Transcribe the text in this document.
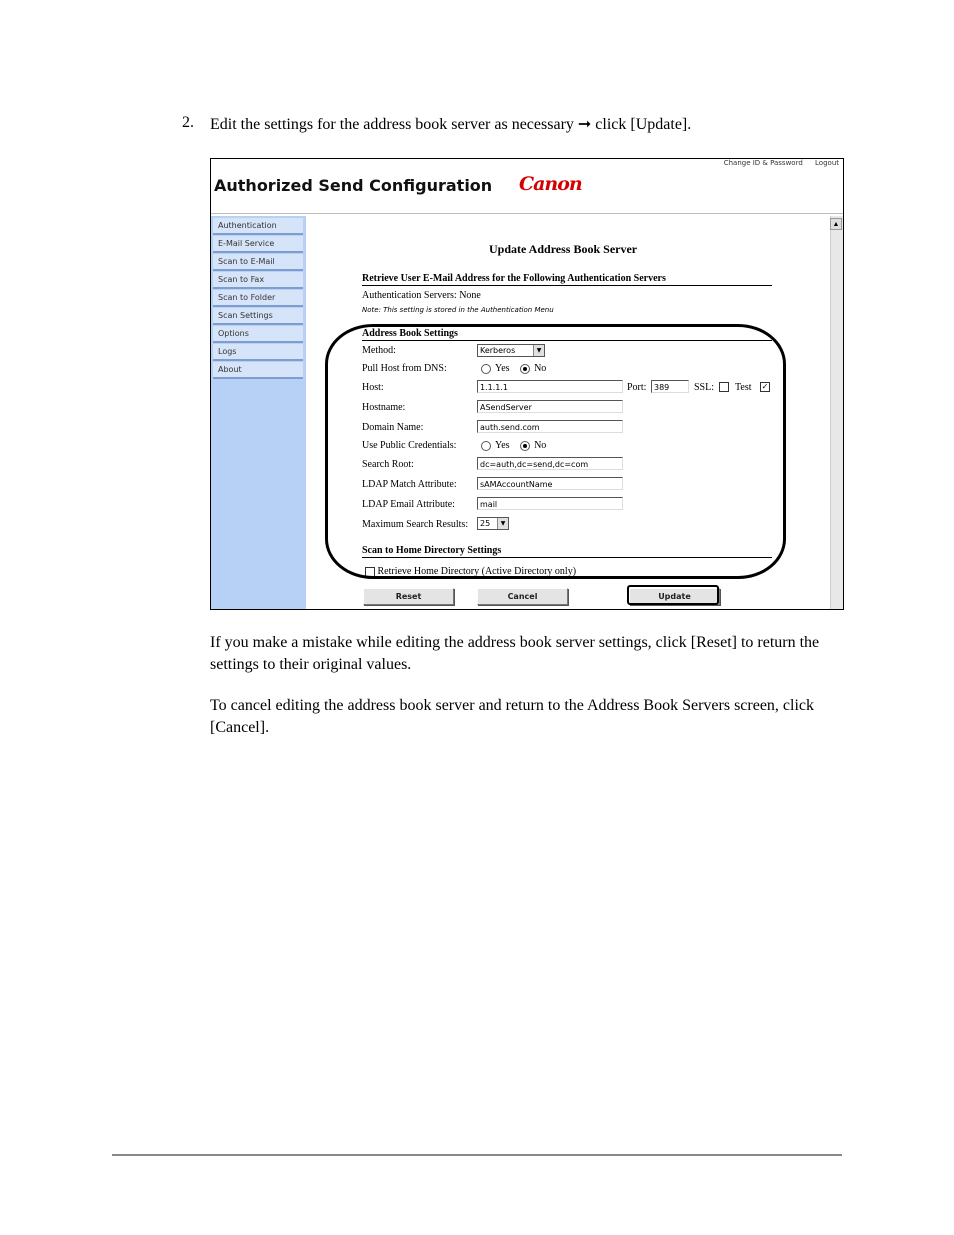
2. Edit the settings for the address book server as necessary ➞ click [Update].
Change ID & Password Logout
Authorized Send Configuration Canon
Authentication
E-Mail Service
Scan to E-Mail
Scan to Fax
Scan to Folder
Scan Settings
Options
Logs
About
▲
Update Address Book Server
Retrieve User E-Mail Address for the Following Authentication Servers
Authentication Servers: None
Note: This setting is stored in the Authentication Menu
Address Book Settings
Method:	Kerberos	▼
Pull Host from DNS:	Yes No
Host:	1.1.1.1	Port: 389	SSL: Test ✓
Hostname:	ASendServer
Domain Name:	auth.send.com
Use Public Credentials:	Yes No
Search Root:	dc=auth,dc=send,dc=com
LDAP Match Attribute:	sAMAccountName
LDAP Email Attribute:	mail
Maximum Search Results:	25	▼
Scan to Home Directory Settings
Retrieve Home Directory (Active Directory only)
Reset	Cancel	Update
If you make a mistake while editing the address book server settings, click [Reset] to return the settings to their original values.
To cancel editing the address book server and return to the Address Book Servers screen, click [Cancel].
